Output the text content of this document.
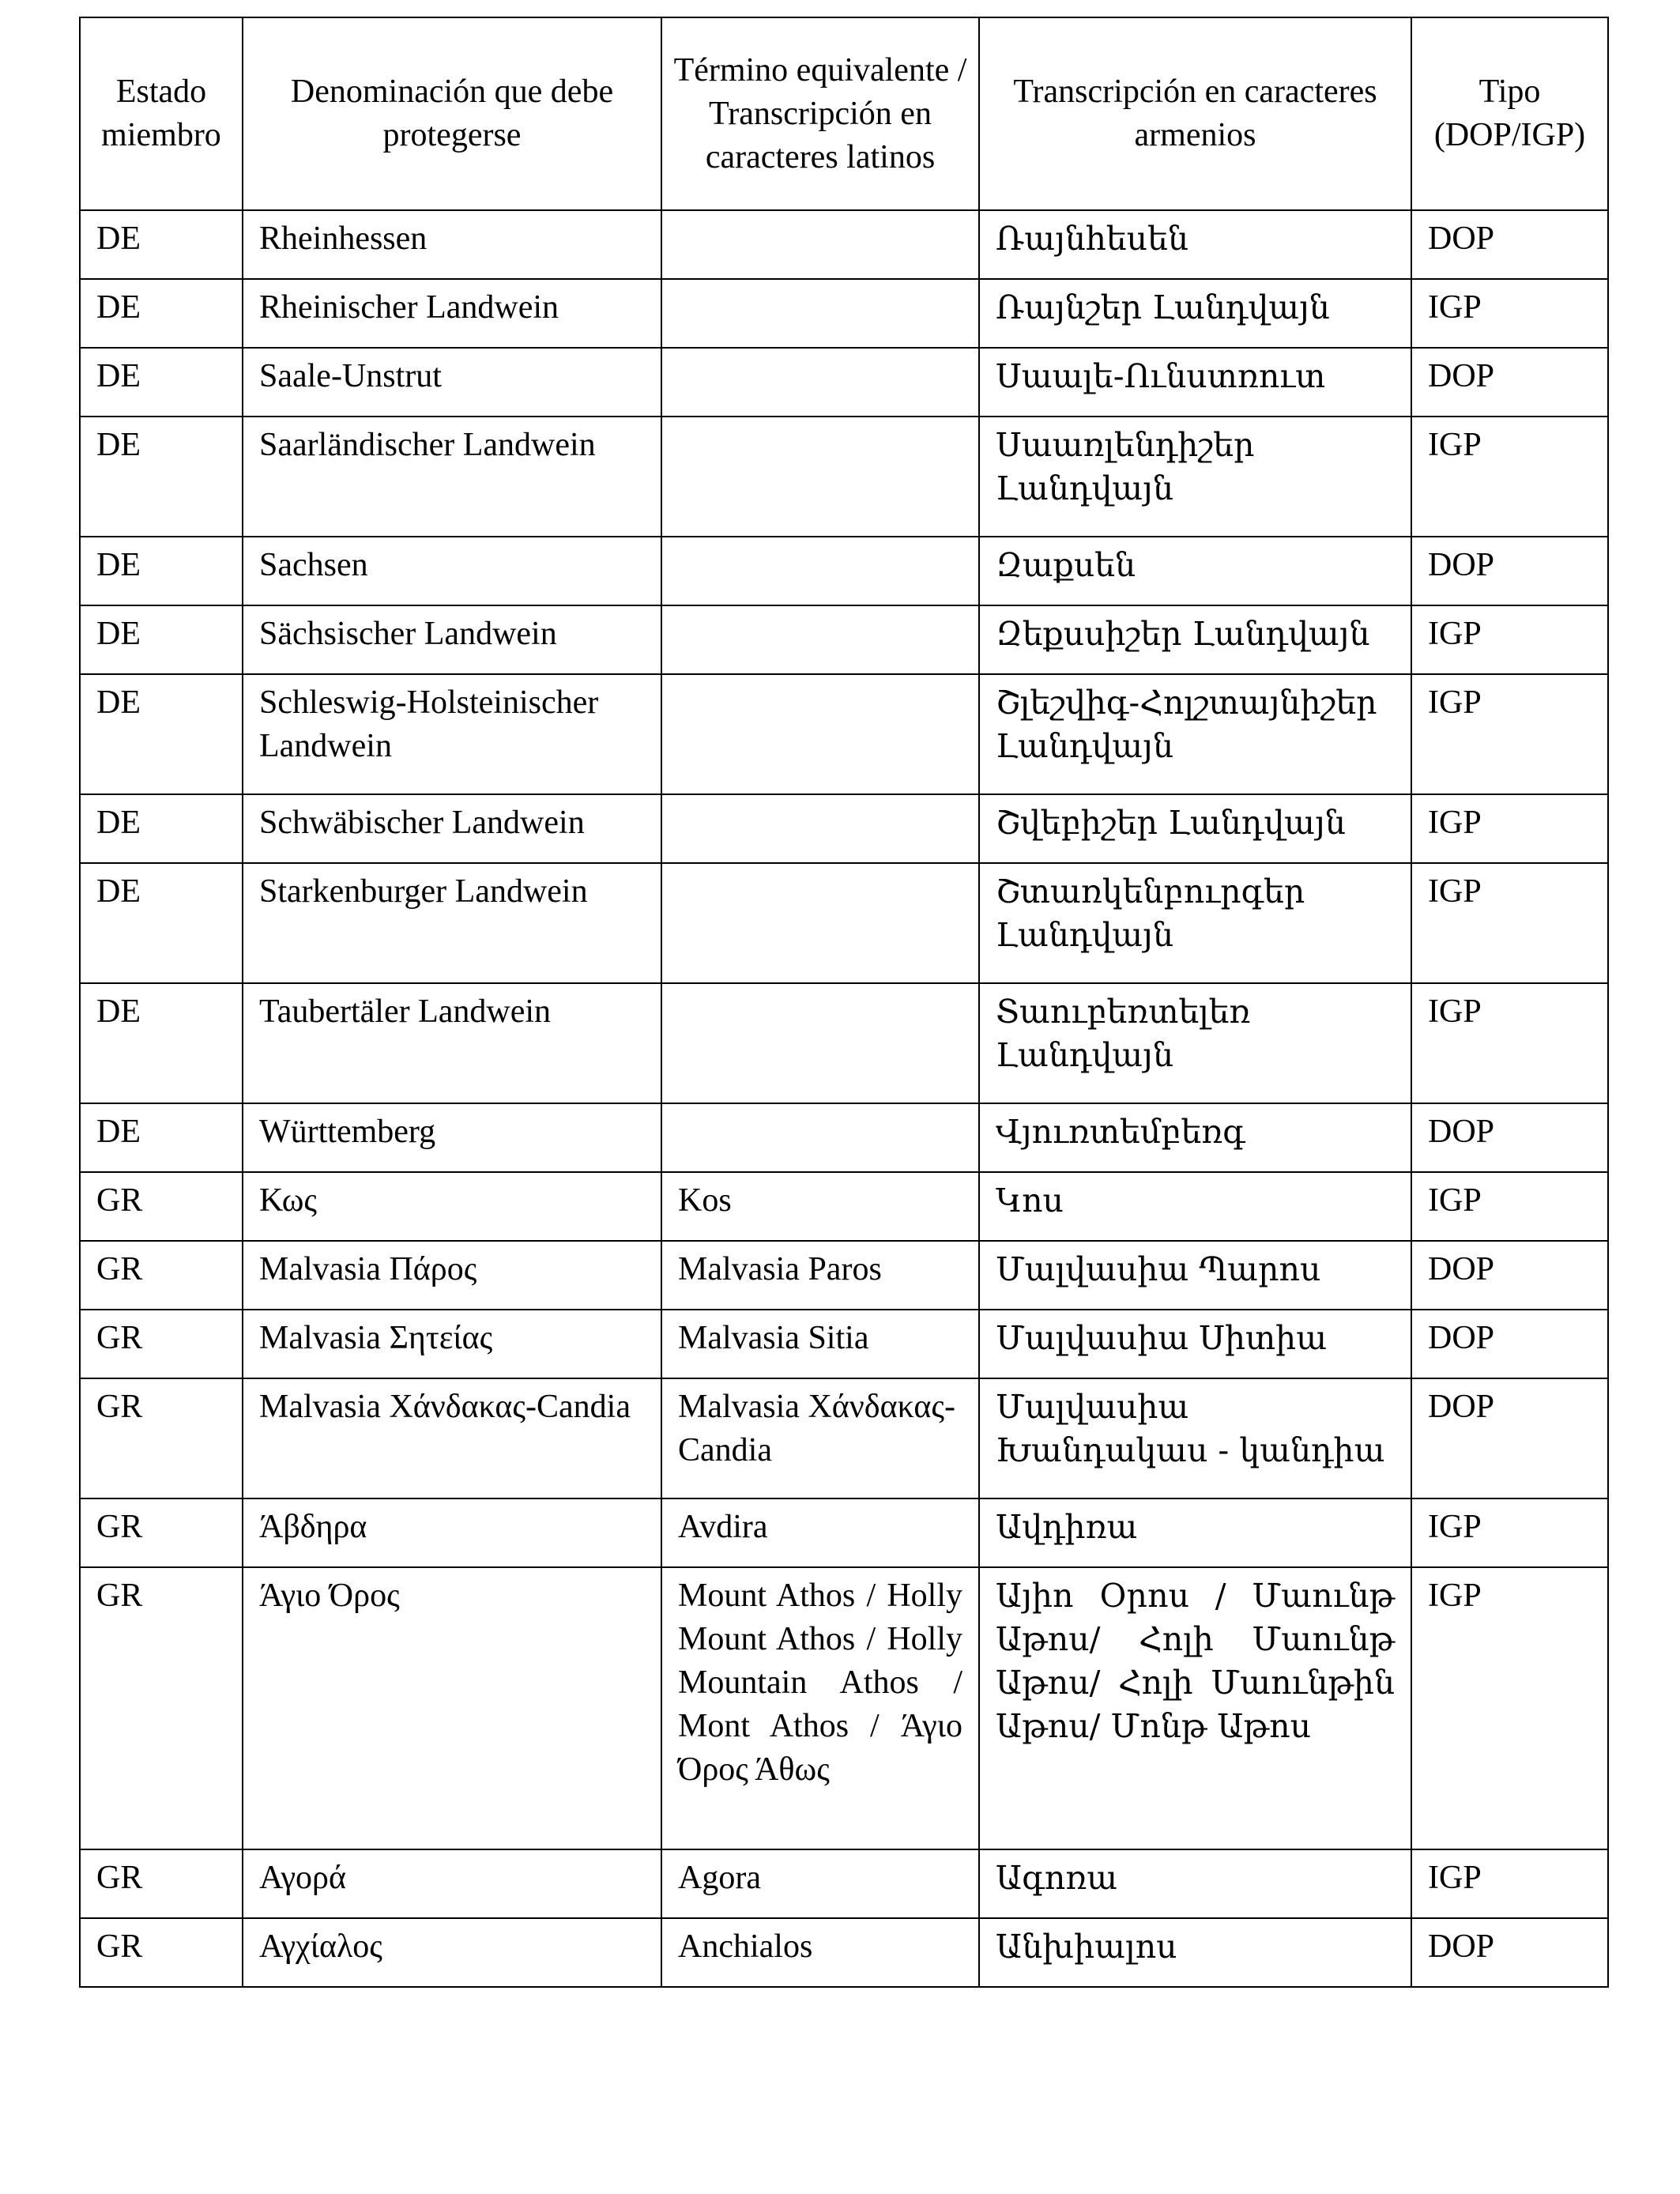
Estado miembro	Denominación que debe protegerse	Término equivalente / Transcripción en caracteres latinos	Transcripción en caracteres armenios	Tipo (DOP/IGP)
DE	Rheinhessen		Ռայնհեսեն	DOP
DE	Rheinischer Landwein		Ռայնշեր Լանդվայն	IGP
DE	Saale-Unstrut		Սաալե-Ունստռուտ	DOP
DE	Saarländischer Landwein		Սաառլենդիշեր Լանդվայն	IGP
DE	Sachsen		Զաքսեն	DOP
DE	Sächsischer Landwein		Զեքսսիշեր Լանդվայն	IGP
DE	Schleswig-Holsteinischer Landwein		Շլեշվիգ-Հոլշտայնիշեր Լանդվայն	IGP
DE	Schwäbischer Landwein		Շվեբիշեր Լանդվայն	IGP
DE	Starkenburger Landwein		Շտառկենբուրգեր Լանդվայն	IGP
DE	Taubertäler Landwein		Տաուբեռտելեռ Լանդվայն	IGP
DE	Württemberg		Վյուռտեմբեռգ	DOP
GR	Κως	Kos	Կոս	IGP
GR	Malvasia Πάρος	Malvasia Paros	Մալվասիա Պարոս	DOP
GR	Malvasia Σητείας	Malvasia Sitia	Մալվասիա Սիտիա	DOP
GR	Malvasia Χάνδακας-Candia	Malvasia Χάνδακας-Candia	Մալվասիա Խանդակաս - կանդիա	DOP
GR	Άβδηρα	Avdira	Ավդիռա	IGP
GR	Άγιο Όρος	Mount Athos / Holly Mount Athos / Holly Mountain Athos / Mont Athos / Άγιο Όρος Άθως	Այիո Օրոս / Մաունթ Աթոս/ Հոլի Մաունթ Աթոս/ Հոլի Մաունթին Աթոս/ Մոնթ Աթոս	IGP
GR	Αγορά	Agora	Ագոռա	IGP
GR	Αγχίαλος	Anchialos	Անխիալոս	DOP
